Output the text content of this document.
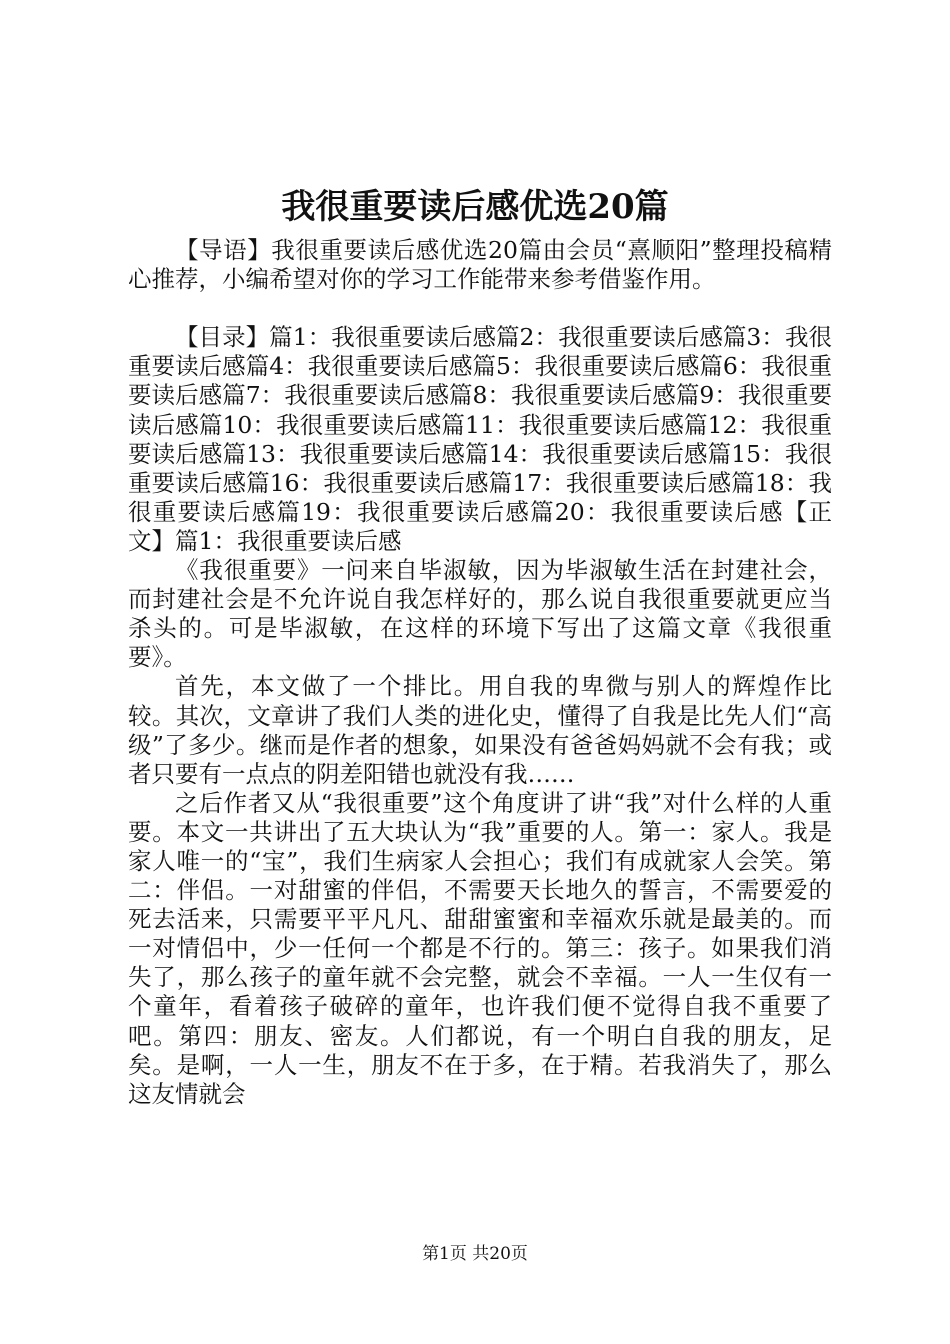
我很重要读后感优选20篇

【导语】我很重要读后感优选20篇由会员“熹顺阳”整理投稿精心推荐，小编希望对你的学习工作能带来参考借鉴作用。

【目录】篇1：我很重要读后感篇2：我很重要读后感篇3：我很重要读后感篇4：我很重要读后感篇5：我很重要读后感篇6：我很重要读后感篇7：我很重要读后感篇8：我很重要读后感篇9：我很重要读后感篇10：我很重要读后感篇11：我很重要读后感篇12：我很重要读后感篇13：我很重要读后感篇14：我很重要读后感篇15：我很重要读后感篇16：我很重要读后感篇17：我很重要读后感篇18：我很重要读后感篇19：我很重要读后感篇20：我很重要读后感【正文】篇1：我很重要读后感

《我很重要》一问来自毕淑敏，因为毕淑敏生活在封建社会，而封建社会是不允许说自我怎样好的，那么说自我很重要就更应当杀头的。可是毕淑敏，在这样的环境下写出了这篇文章《我很重要》。

首先，本文做了一个排比。用自我的卑微与别人的辉煌作比较。其次，文章讲了我们人类的进化史，懂得了自我是比先人们“高级”了多少。继而是作者的想象，如果没有爸爸妈妈就不会有我；或者只要有一点点的阴差阳错也就没有我……

之后作者又从“我很重要”这个角度讲了讲“我”对什么样的人重要。本文一共讲出了五大块认为“我”重要的人。第一：家人。我是家人唯一的“宝”，我们生病家人会担心；我们有成就家人会笑。第二：伴侣。一对甜蜜的伴侣，不需要天长地久的誓言，不需要爱的死去活来，只需要平平凡凡、甜甜蜜蜜和幸福欢乐就是最美的。而一对情侣中，少一任何一个都是不行的。第三：孩子。如果我们消失了，那么孩子的童年就不会完整，就会不幸福。一人一生仅有一个童年，看着孩子破碎的童年，也许我们便不觉得自我不重要了吧。第四：朋友、密友。人们都说，有一个明白自我的朋友，足矣。是啊，一人一生，朋友不在于多，在于精。若我消失了，那么这友情就会

第1页 共20页
